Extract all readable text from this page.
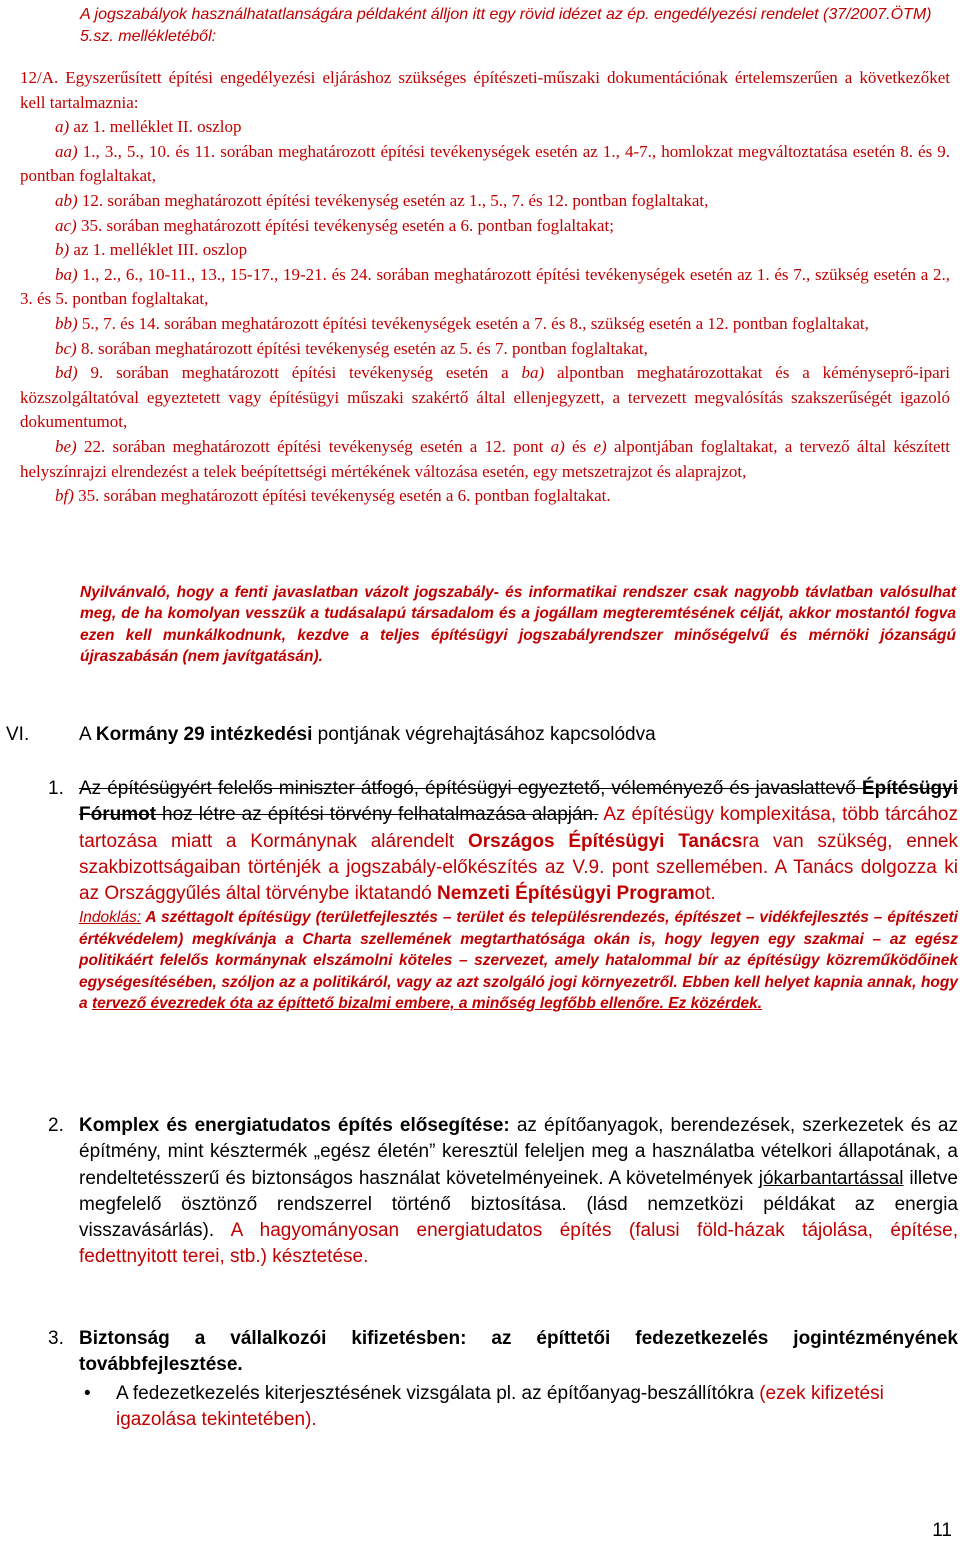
A jogszabályok használhatatlanságára példaként álljon itt egy rövid idézet az ép. engedélyezési rendelet (37/2007.ÖTM) 5.sz. mellékletéből:

12/A. Egyszerűsített építési engedélyezési eljáráshoz szükséges építészeti-műszaki dokumentációnak értelemszerűen a következőket kell tartalmaznia:

a) az 1. melléklet II. oszlop

aa) 1., 3., 5., 10. és 11. sorában meghatározott építési tevékenységek esetén az 1., 4-7., homlokzat megváltoztatása esetén 8. és 9. pontban foglaltakat,

ab) 12. sorában meghatározott építési tevékenység esetén az 1., 5., 7. és 12. pontban foglaltakat,

ac) 35. sorában meghatározott építési tevékenység esetén a 6. pontban foglaltakat;

b) az 1. melléklet III. oszlop

ba) 1., 2., 6., 10-11., 13., 15-17., 19-21. és 24. sorában meghatározott építési tevékenységek esetén az 1. és 7., szükség esetén a 2., 3. és 5. pontban foglaltakat,

bb) 5., 7. és 14. sorában meghatározott építési tevékenységek esetén a 7. és 8., szükség esetén a 12. pontban foglaltakat,

bc) 8. sorában meghatározott építési tevékenység esetén az 5. és 7. pontban foglaltakat,

bd) 9. sorában meghatározott építési tevékenység esetén a ba) alpontban meghatározottakat és a kéményseprő-ipari közszolgáltatóval egyeztetett vagy építésügyi műszaki szakértő által ellenjegyzett, a tervezett megvalósítás szakszerűségét igazoló dokumentumot,

be) 22. sorában meghatározott építési tevékenység esetén a 12. pont a) és e) alpontjában foglaltakat, a tervező által készített helyszínrajzi elrendezést a telek beépítettségi mértékének változása esetén, egy metszetrajzot és alaprajzot,

bf) 35. sorában meghatározott építési tevékenység esetén a 6. pontban foglaltakat.

Nyilvánvaló, hogy a fenti javaslatban vázolt jogszabály- és informatikai rendszer csak nagyobb távlatban valósulhat meg, de ha komolyan vesszük a tudásalapú társadalom és a jogállam megteremtésének célját, akkor mostantól fogva ezen kell munkálkodnunk, kezdve a teljes építésügyi jogszabályrendszer minőségelvű és mérnöki józanságú újraszabásán (nem javítgatásán).
VI.	A Kormány 29 intézkedési pontjának végrehajtásához kapcsolódva
1. Az építésügyért felelős miniszter átfogó, építésügyi egyeztető, véleményező és javaslattevő Építésügyi Fórumot hoz létre az építési törvény felhatalmazása alapján. Az építésügy komplexitása, több tárcához tartozása miatt a Kormánynak alárendelt Országos Építésügyi Tanácsra van szükség, ennek szakbizottságaiban történjék a jogszabály-előkészítés az V.9. pont szellemében. A Tanács dolgozza ki az Országgyűlés által törvénybe iktatandó Nemzeti Építésügyi Programot.
Indoklás: A széttagolt építésügy (területfejlesztés – terület és településrendezés, építészet – vidékfejlesztés – építészeti értékvédelem) megkívánja a Charta szellemének megtarthatósága okán is, hogy legyen egy szakmai – az egész politikáért felelős kormánynak elszámolni köteles – szervezet, amely hatalommal bír az építésügy közreműködőinek egységesítésében, szóljon az a politikáról, vagy az azt szolgáló jogi környezetről. Ebben kell helyet kapnia annak, hogy a tervező évezredek óta az építtető bizalmi embere, a minőség legfőbb ellenőre. Ez közérdek.
2. Komplex és energiatudatos építés elősegítése: az építőanyagok, berendezések, szerkezetek és az építmény, mint késztermék „egész életén” keresztül feleljen meg a használatba vételkori állapotának, a rendeltetésszerű és biztonságos használat követelményeinek. A követelmények jókarbantartással illetve megfelelő ösztönző rendszerrel történő biztosítása. (lásd nemzetközi példákat az energia visszavásárlás). A hagyományosan energiatudatos építés (falusi föld-házak tájolása, építése, fedettnyitott terei, stb.) késztetése.
3. Biztonság a vállalkozói kifizetésben: az építtetői fedezetkezelés jogintézményének továbbfejlesztése.
• A fedezetkezelés kiterjesztésének vizsgálata pl. az építőanyag-beszállítókra (ezek kifizetési igazolása tekintetében).
11
